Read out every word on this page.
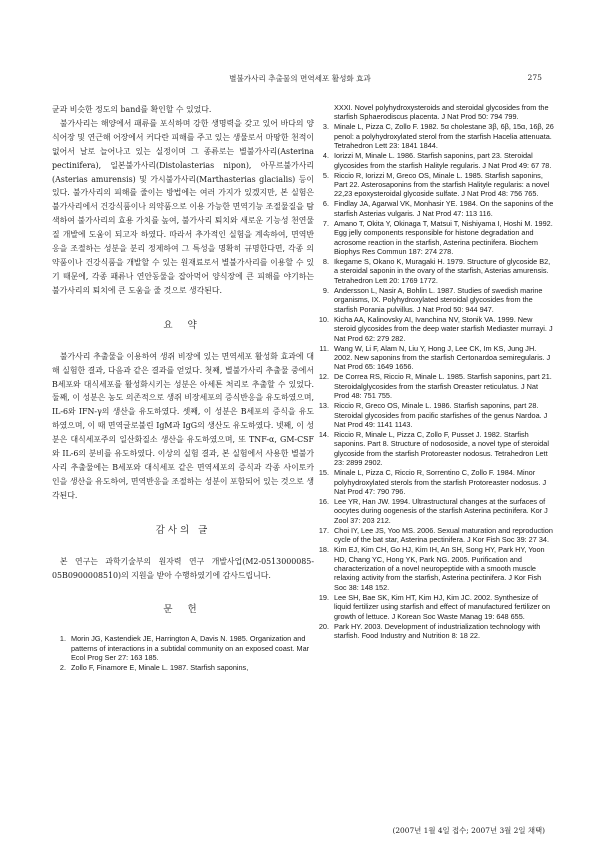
별불가사리 추출물의 면역세포 활성화 효과	275

균과 비슷한 정도의 band를 확인할 수 있었다.

불가사리는 해양에서 패류를 포식하며 강한 생명력을 갖고 있어 바다의 양식어장 및 연근해 어장에서 커다란 피해를 주고 있는 생물로서 마땅한 천적이 없어서 날로 늘어나고 있는 실정이며 그 종류로는 별불가사리(Asterina pectinifera), 일본불가사리(Distolasterias nipon), 아무르불가사리(Asterias amurensis) 및 가시불가사리(Marthasterias glacialis) 등이 있다. 불가사리의 피해를 줄이는 방법에는 여러 가지가 있겠지만, 본 실험은 불가사리에서 건강식품이나 의약품으로 이용 가능한 면역기능 조절물질을 탐색하여 불가사리의 효용 가치를 높여, 불가사리 퇴치와 새로운 기능성 천연물질 개발에 도움이 되고자 하였다. 따라서 추가적인 실험을 계속하여, 면역반응을 조절하는 성분을 분리 정제하여 그 특성을 명확히 규명한다면, 각종 의약품이나 건강식품을 개발할 수 있는 원재료로서 별불가사리를 이용할 수 있기 때문에, 각종 패류나 연안동물을 잡아먹어 양식장에 큰 피해를 야기하는 불가사리의 퇴치에 큰 도움을 줄 것으로 생각된다.

요 약

불가사리 추출물을 이용하여 생쥐 비장에 있는 면역세포 활성화 효과에 대해 실험한 결과, 다음과 같은 결과를 얻었다. 첫째, 별불가사리 추출물 중에서 B세포와 대식세포를 활성화시키는 성분은 아세톤 처리로 추출할 수 있었다. 둘째, 이 성분은 농도 의존적으로 생쥐 비장세포의 증식반응을 유도하였으며, IL-6와 IFN-γ의 생산을 유도하였다. 셋째, 이 성분은 B세포의 증식을 유도하였으며, 이 때 면역글로불린 IgM과 IgG의 생산도 유도하였다. 넷째, 이 성분은 대식세포주의 일산화질소 생산을 유도하였으며, 또 TNF-α, GM-CSF와 IL-6의 분비를 유도하였다. 이상의 실험 결과, 본 실험에서 사용한 별불가사리 추출물에는 B세포와 대식세포 같은 면역세포의 증식과 각종 사이토카인을 생산을 유도하여, 면역반응을 조절하는 성분이 포함되어 있는 것으로 생각된다.

감사의 글

본 연구는 과학기술부의 원자력 연구 개발사업(M2-0513000085-05B0900008510)의 지원을 받아 수행하였기에 감사드립니다.

문 헌
1. Morin JG, Kastendiek JE, Harrington A, Davis N. 1985. Organization and patterns of interactions in a subtidal community on an exposed coast. Mar Ecol Prog Ser 27: 163 185.
2. Zollo F, Finamore E, Minale L. 1987. Starfish saponins,
XXXI. Novel polyhydroxysteroids and steroidal glycosides from the starfish Sphaerodiscus placenta. J Nat Prod 50: 794 799.
3. Minale L, Pizza C, Zollo F. 1982. 5α cholestane 3β, 6β, 15α, 16β, 26 penol: a polyhydroxylated sterol from the starfish Hacelia attenuata. Tetrahedron Lett 23: 1841 1844.
4. Iorizzi M, Minale L. 1986. Starfish saponins, part 23. Steroidal glycosides from the starfish Halityle regularis. J Nat Prod 49: 67 78.
5. Riccio R, Iorizzi M, Greco OS, Minale L. 1985. Starfish saponins, Part 22. Asterosaponins from the starfish Halityle regularis: a novel 22,23 epoxysteroidal glycoside sulfate. J Nat Prod 48: 756 765.
6. Findlay JA, Agarwal VK, Monhasir YE. 1984. On the saponins of the starfish Asterias vulgaris. J Nat Prod 47: 113 116.
7. Amano T, Okita Y, Okinaga T, Matsui T, Nishiyama I, Hoshi M. 1992. Egg jelly components responsible for histone degradation and acrosome reaction in the starfish, Asterina pectinifera. Biochem Biophys Res Commun 187: 274 278.
8. Ikegame S, Okano K, Muragaki H. 1979. Structure of glycoside B2, a steroidal saponin in the ovary of the starfish, Asterias amurensis. Tetrahedron Lett 20: 1769 1772.
9. Andersson L, Nasir A, Bohlin L. 1987. Studies of swedish marine organisms, IX. Polyhydroxylated steroidal glycosides from the starfish Porania pulvillus. J Nat Prod 50: 944 947.
10. Kicha AA, Kalinovsky AI, Ivanchina NV, Stonik VA. 1999. New steroid glycosides from the deep water starfish Mediaster murrayi. J Nat Prod 62: 279 282.
11. Wang W, Li F, Alam N, Liu Y, Hong J, Lee CK, Im KS, Jung JH. 2002. New saponins from the starfish Certonardoa semiregularis. J Nat Prod 65: 1649 1656.
12. De Correa RS, Riccio R, Minale L. 1985. Starfish saponins, part 21. Steroidalglycosides from the starfish Oreaster reticulatus. J Nat Prod 48: 751 755.
13. Riccio R, Greco OS, Minale L. 1986. Starfish saponins, part 28. Steroidal glycosides from pacific starfishes of the genus Nardoa. J Nat Prod 49: 1141 1143.
14. Riccio R, Minale L, Pizza C, Zollo F, Pusset J. 1982. Starfish saponins. Part 8. Structure of nodososide, a novel type of steroidal glycoside from the starfish Protoreaster nodosus. Tetrahedron Lett 23: 2899 2902.
15. Minale L, Pizza C, Riccio R, Sorrentino C, Zollo F. 1984. Minor polyhydroxylated sterols from the starfish Protoreaster nodosus. J Nat Prod 47: 790 796.
16. Lee YR, Han JW. 1994. Ultrastructural changes at the surfaces of oocytes during oogenesis of the starfish Asterina pectinifera. Kor J Zool 37: 203 212.
17. Choi IY, Lee JS, Yoo MS. 2006. Sexual maturation and reproduction cycle of the bat star, Asterina pectinifera. J Kor Fish Soc 39: 27 34.
18. Kim EJ, Kim CH, Go HJ, Kim IH, An SH, Song HY, Park HY, Yoon HD, Chang YC, Hong YK, Park NG. 2005. Purification and characterization of a novel neuropeptide with a smooth muscle relaxing activity from the starfish, Asterina pectinifera. J Kor Fish Soc 38: 148 152.
19. Lee SH, Bae SK, Kim HT, Kim HJ, Kim JC. 2002. Synthesize of liquid fertilizer using starfish and effect of manufactured fertilizer on growth of lettuce. J Korean Soc Waste Manag 19: 648 655.
20. Park HY. 2003. Development of industrialization technology with starfish. Food Industry and Nutrition 8: 18 22.
(2007년 1월 4일 접수; 2007년 3월 2일 채택)
